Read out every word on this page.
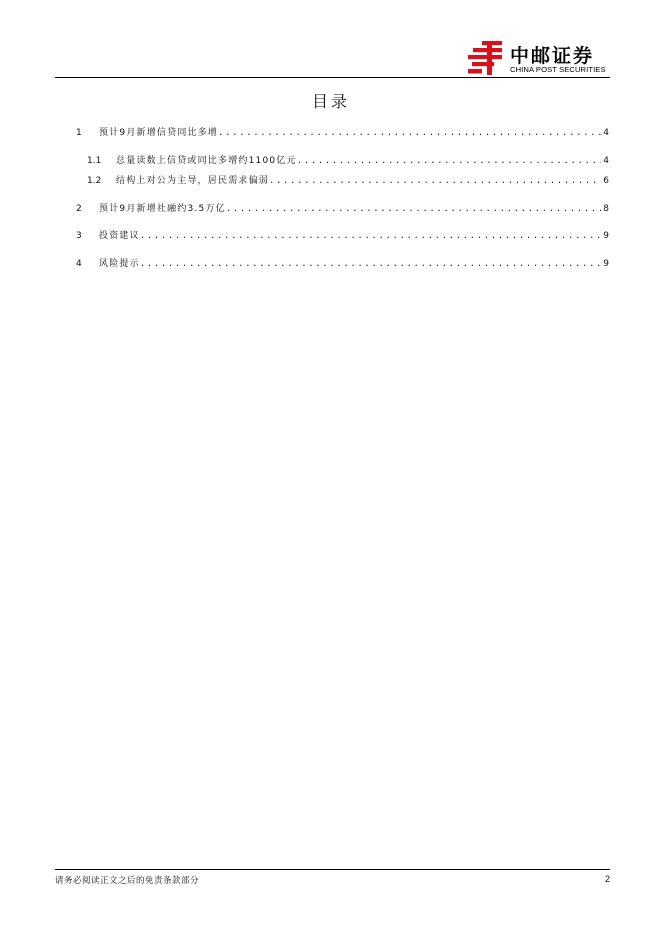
中邮证券
CHINA POST SECURITIES
目录
1	预计9月新增信贷同比多增 .....	4
1.1	总量读数上信贷或同比多增约1100亿元 .....	4
1.2	结构上对公为主导，居民需求偏弱 .....	6
2	预计9月新增社融约3.5万亿 .....	8
3	投资建议 .....	9
4	风险提示 .....	9
请务必阅读正文之后的免责条款部分	2
